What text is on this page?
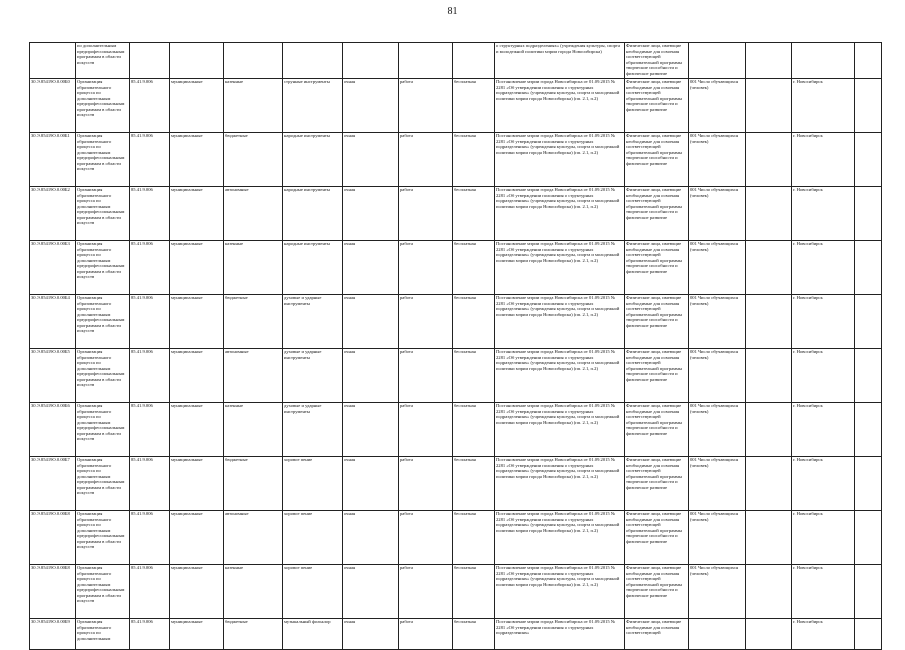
81
	по дополнительным предпрофессиональным программам в области искусств								о структурных подразделениях» (учреждения культуры, спорта и молодежной политики мэрии города Новосибирска)	Физические лица, имеющие необходимые для освоения соответствующей образовательной программы творческие способности и физическое развитие				
30.Э.85419О.0.00Б0	Организация образовательного процесса по дополнительным предпрофессиональным программам в области искусств	85.41.9.006	муниципальные	казенные	струнные инструменты	очная	работа	бесплатная	Постановление мэрии города Новосибирска от 01.09.2015 № 2281 «Об утверждении положения о структурных подразделениях» (учреждения культуры, спорта и молодежной политики мэрии города Новосибирска) (пп. 2.1, п.2)	Физические лица, имеющие необходимые для освоения соответствующей образовательной программы творческие способности и физическое развитие	001 Число обучающихся (человек)		г. Новосибирск	
30.Э.85419О.0.00Б1	Организация образовательного процесса по дополнительным предпрофессиональным программам в области искусств	85.41.9.006	муниципальные	бюджетные	народные инструменты	очная	работа	бесплатная	Постановление мэрии города Новосибирска от 01.09.2015 № 2281 «Об утверждении положения о структурных подразделениях» (учреждения культуры, спорта и молодежной политики мэрии города Новосибирска) (пп. 2.1, п.2)	Физические лица, имеющие необходимые для освоения соответствующей образовательной программы творческие способности и физическое развитие	001 Число обучающихся (человек)		г. Новосибирск	
30.Э.85419О.0.00Б2	Организация образовательного процесса по дополнительным предпрофессиональным программам в области искусств	85.41.9.006	муниципальные	автономные	народные инструменты	очная	работа	бесплатная	Постановление мэрии города Новосибирска от 01.09.2015 № 2281 «Об утверждении положения о структурных подразделениях» (учреждения культуры, спорта и молодежной политики мэрии города Новосибирска) (пп. 2.1, п.2)	Физические лица, имеющие необходимые для освоения соответствующей образовательной программы творческие способности и физическое развитие	001 Число обучающихся (человек)		г. Новосибирск	
30.Э.85419О.0.00Б3	Организация образовательного процесса по дополнительным предпрофессиональным программам в области искусств	85.41.9.006	муниципальные	казенные	народные инструменты	очная	работа	бесплатная	Постановление мэрии города Новосибирска от 01.09.2015 № 2281 «Об утверждении положения о структурных подразделениях» (учреждения культуры, спорта и молодежной политики мэрии города Новосибирска) (пп. 2.1, п.2)	Физические лица, имеющие необходимые для освоения соответствующей образовательной программы творческие способности и физическое развитие	001 Число обучающихся (человек)		г. Новосибирск	
30.Э.85419О.0.00Б4	Организация образовательного процесса по дополнительным предпрофессиональным программам в области искусств	85.41.9.006	муниципальные	бюджетные	духовые и ударные инструменты	очная	работа	бесплатная	Постановление мэрии города Новосибирска от 01.09.2015 № 2281 «Об утверждении положения о структурных подразделениях» (учреждения культуры, спорта и молодежной политики мэрии города Новосибирска) (пп. 2.1, п.2)	Физические лица, имеющие необходимые для освоения соответствующей образовательной программы творческие способности и физическое развитие	001 Число обучающихся (человек)		г. Новосибирск	
30.Э.85419О.0.00Б5	Организация образовательного процесса по дополнительным предпрофессиональным программам в области искусств	85.41.9.006	муниципальные	автономные	духовые и ударные инструменты	очная	работа	бесплатная	Постановление мэрии города Новосибирска от 01.09.2015 № 2281 «Об утверждении положения о структурных подразделениях» (учреждения культуры, спорта и молодежной политики мэрии города Новосибирска) (пп. 2.1, п.2)	Физические лица, имеющие необходимые для освоения соответствующей образовательной программы творческие способности и физическое развитие	001 Число обучающихся (человек)		г. Новосибирск	
30.Э.85419О.0.00Б6	Организация образовательного процесса по дополнительным предпрофессиональным программам в области искусств	85.41.9.006	муниципальные	казенные	духовые и ударные инструменты	очная	работа	бесплатная	Постановление мэрии города Новосибирска от 01.09.2015 № 2281 «Об утверждении положения о структурных подразделениях» (учреждения культуры, спорта и молодежной политики мэрии города Новосибирска) (пп. 2.1, п.2)	Физические лица, имеющие необходимые для освоения соответствующей образовательной программы творческие способности и физическое развитие	001 Число обучающихся (человек)		г. Новосибирск	
30.Э.85419О.0.00Б7	Организация образовательного процесса по дополнительным предпрофессиональным программам в области искусств	85.41.9.006	муниципальные	бюджетные	хоровое пение	очная	работа	бесплатная	Постановление мэрии города Новосибирска от 01.09.2015 № 2281 «Об утверждении положения о структурных подразделениях» (учреждения культуры, спорта и молодежной политики мэрии города Новосибирска) (пп. 2.1, п.2)	Физические лица, имеющие необходимые для освоения соответствующей образовательной программы творческие способности и физическое развитие	001 Число обучающихся (человек)		г. Новосибирск	
30.Э.85419О.0.00Б8	Организация образовательного процесса по дополнительным предпрофессиональным программам в области искусств	85.41.9.006	муниципальные	автономные	хоровое пение	очная	работа	бесплатная	Постановление мэрии города Новосибирска от 01.09.2015 № 2281 «Об утверждении положения о структурных подразделениях» (учреждения культуры, спорта и молодежной политики мэрии города Новосибирска) (пп. 2.1, п.2)	Физические лица, имеющие необходимые для освоения соответствующей образовательной программы творческие способности и физическое развитие	001 Число обучающихся (человек)		г. Новосибирск	
30.Э.85419О.0.00Б8	Организация образовательного процесса по дополнительным предпрофессиональным программам в области искусств	85.41.9.006	муниципальные	казенные	хоровое пение	очная	работа	бесплатная	Постановление мэрии города Новосибирска от 01.09.2015 № 2281 «Об утверждении положения о структурных подразделениях» (учреждения культуры, спорта и молодежной политики мэрии города Новосибирска) (пп. 2.1, п.2)	Физические лица, имеющие необходимые для освоения соответствующей образовательной программы творческие способности и физическое развитие	001 Число обучающихся (человек)		г. Новосибирск	
30.Э.85419О.0.00Б9	Организация образовательного процесса по дополнительным	85.41.9.006	муниципальные	бюджетные	музыкальный фольклор	очная	работа	бесплатная	Постановление мэрии города Новосибирска от 01.09.2015 № 2281 «Об утверждении положения о структурных подразделениях»	Физические лица, имеющие необходимые для освоения соответствующей			г. Новосибирск	
